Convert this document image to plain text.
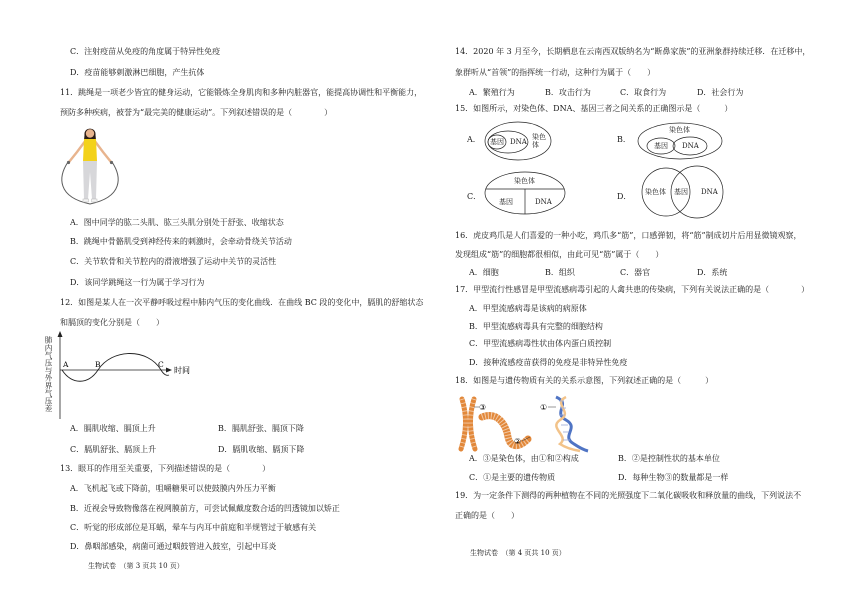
C．注射疫苗从免疫的角度属于特异性免疫
D．疫苗能够刺激淋巴细胞，产生抗体
11．跳绳是一项老少皆宜的健身运动，它能锻炼全身肌肉和多种内脏器官，能提高协调性和平衡能力，
预防多种疾病，被誉为“最完美的健康运动”。下列叙述错误的是（　　　　）
A．图中同学的肱二头肌、肱三头肌分别处于舒张、收缩状态
B．跳绳中骨骼肌受到神经传来的刺激时，会牵动骨绕关节活动
C．关节软骨和关节腔内的滑液增强了运动中关节的灵活性
D．该同学跳绳这一行为属于学习行为
12．如图是某人在一次平静呼吸过程中肺内气压的变化曲线．在曲线 BC 段的变化中，膈肌的舒缩状态
和膈顶的变化分别是（　　）
肺内气压与外界气压差 A	B	C
时间
A．膈肌收缩、膈顶上升	B．膈肌舒张、膈顶下降
C．膈肌舒张、膈顶上升	D．膈肌收缩、膈顶下降
13．眼耳的作用至关重要，下列描述错误的是（　　　　）
A．飞机起飞或下降前，咀嚼糖果可以使鼓膜内外压力平衡
B．近视会导致物像落在视网膜前方，可尝试佩戴度数合适的凹透镜加以矫正
C．听觉的形成部位是耳蜗，晕车与内耳中前庭和半规管过于敏感有关
D．鼻咽部感染，病菌可通过咽鼓管进入鼓室，引起中耳炎
生物试卷　（第 3 页共 10 页）
14．2020 年 3 月至今，长期栖息在云南西双版纳名为“断鼻家族”的亚洲象群持续迁移．在迁移中，
象群听从“首领”的指挥统一行动，这种行为属于（　　）
A．繁殖行为	B．攻击行为	C．取食行为	D．社会行为
15．如图所示，对染色体、DNA、基因三者之间关系的正确图示是（　　　）
A． 基因 DNA
染色体
B．
染色体
基因 DNA
C．
染色体
基因	DNA
D． 染色体 基因 DNA
16．虎皮鸡爪是人们喜爱的一种小吃，鸡爪多“筋”，口感弹韧，将“筋”制成切片后用显微镜观察，
发现组成“筋”的细胞都很相似，由此可见“筋”属于（　　）
A．细胞	B．组织	C．器官	D．系统
17．甲型流行性感冒是甲型流感病毒引起的人禽共患的传染病，下列有关说法正确的是（　　　　）
A．甲型流感病毒是该病的病原体
B．甲型流感病毒具有完整的细胞结构
C．甲型流感病毒性状由体内蛋白质控制
D．接种流感疫苗获得的免疫是非特异性免疫
18．如图是与遗传物质有关的关系示意图，下列叙述正确的是（　　　）
③
②
①
A．③是染色体，由①和②构成	B．②是控制性状的基本单位
C．①是主要的遗传物质	D．每种生物③的数量都是一样
19．为一定条件下测得的两种植物在不同的光照强度下二氧化碳吸收和释放量的曲线，下列说法不
正确的是（　　）
生物试卷　（第 4 页共 10 页）
